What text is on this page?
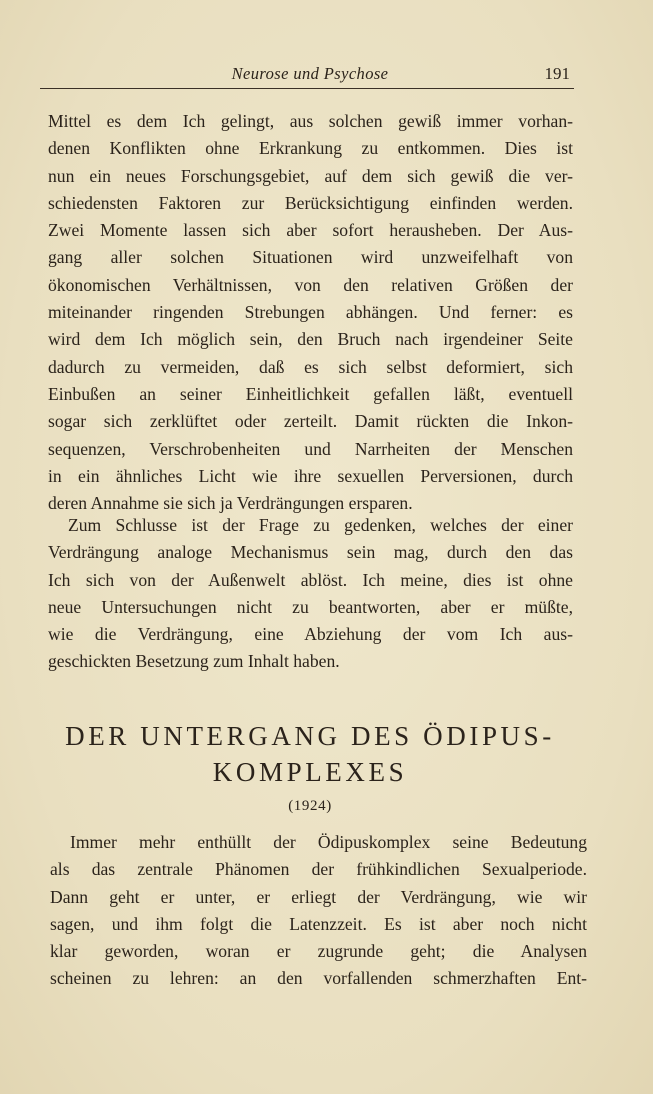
Neurose und Psychose	191
Mittel es dem Ich gelingt, aus solchen gewiß immer vorhan-
denen Konflikten ohne Erkrankung zu entkommen. Dies ist
nun ein neues Forschungsgebiet, auf dem sich gewiß die ver-
schiedensten Faktoren zur Berücksichtigung einfinden werden.
Zwei Momente lassen sich aber sofort herausheben. Der Aus-
gang aller solchen Situationen wird unzweifelhaft von
ökonomischen Verhältnissen, von den relativen Größen der
miteinander ringenden Strebungen abhängen. Und ferner: es
wird dem Ich möglich sein, den Bruch nach irgendeiner Seite
dadurch zu vermeiden, daß es sich selbst deformiert, sich
Einbußen an seiner Einheitlichkeit gefallen läßt, eventuell
sogar sich zerklüftet oder zerteilt. Damit rückten die Inkon-
sequenzen, Verschrobenheiten und Narrheiten der Menschen
in ein ähnliches Licht wie ihre sexuellen Perversionen, durch
deren Annahme sie sich ja Verdrängungen ersparen.
Zum Schlusse ist der Frage zu gedenken, welches der einer
Verdrängung analoge Mechanismus sein mag, durch den das
Ich sich von der Außenwelt ablöst. Ich meine, dies ist ohne
neue Untersuchungen nicht zu beantworten, aber er müßte,
wie die Verdrängung, eine Abziehung der vom Ich aus-
geschickten Besetzung zum Inhalt haben.
DER UNTERGANG DES ÖDIPUS-
KOMPLEXES
(1924)
Immer mehr enthüllt der Ödipuskomplex seine Bedeutung
als das zentrale Phänomen der frühkindlichen Sexualperiode.
Dann geht er unter, er erliegt der Verdrängung, wie wir
sagen, und ihm folgt die Latenzzeit. Es ist aber noch nicht
klar geworden, woran er zugrunde geht; die Analysen
scheinen zu lehren: an den vorfallenden schmerzhaften Ent-
